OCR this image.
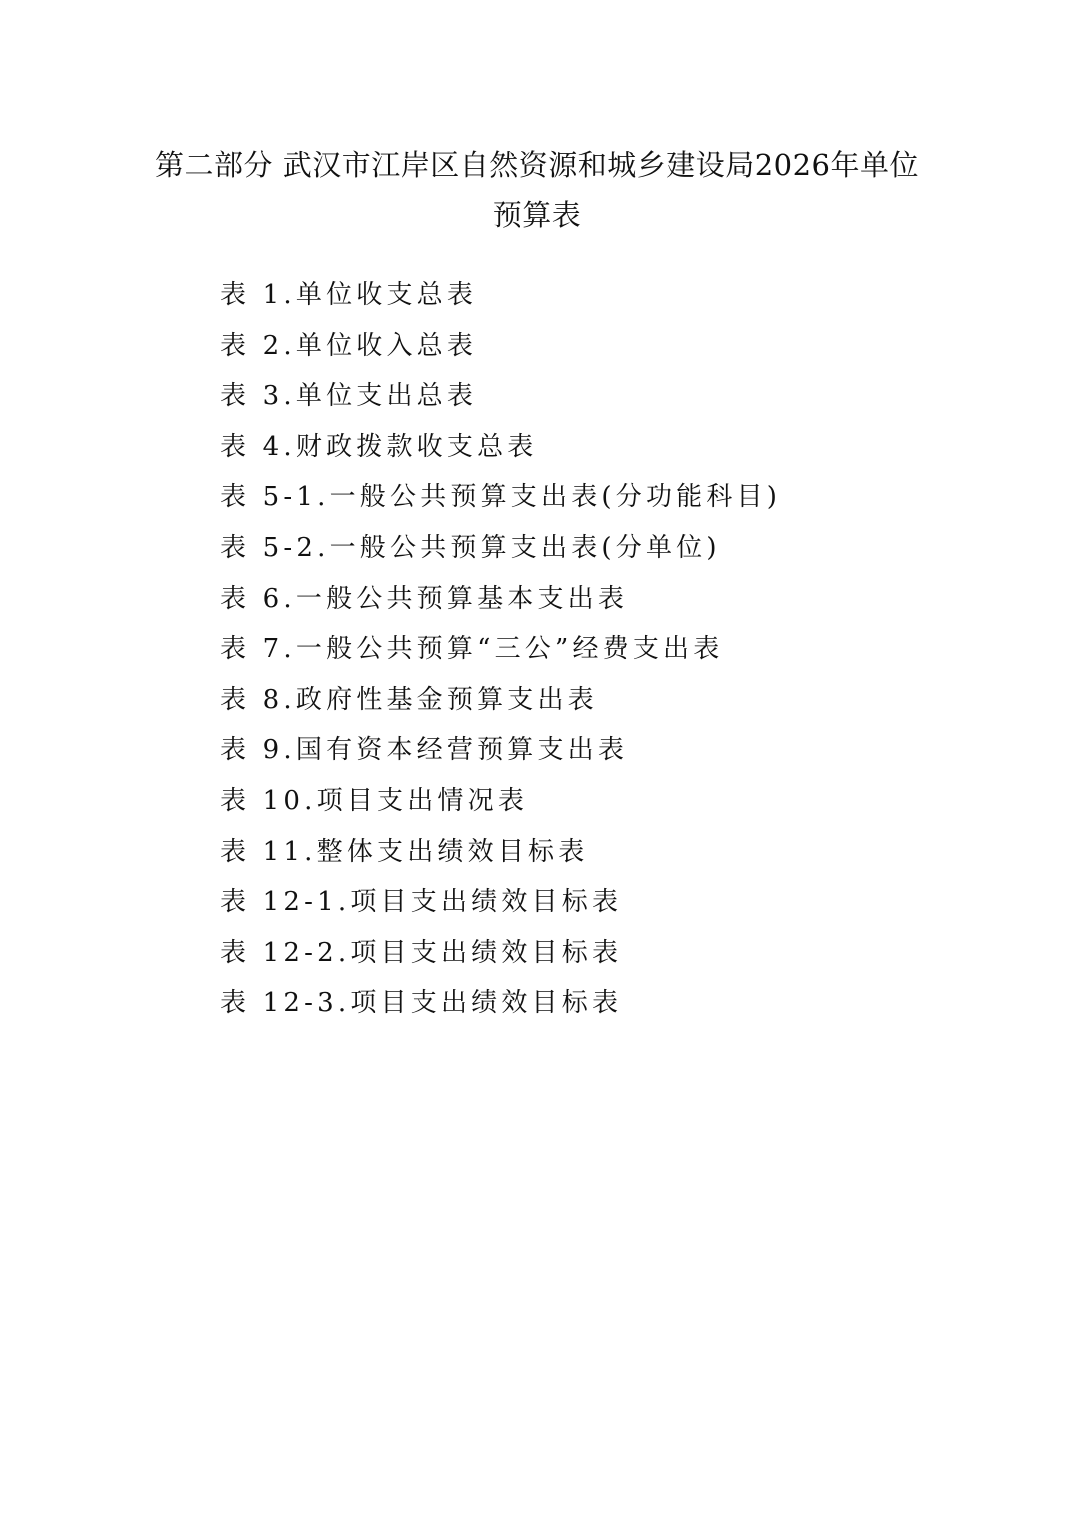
第二部分 武汉市江岸区自然资源和城乡建设局2026年单位
预算表
表 1.单位收支总表
表 2.单位收入总表
表 3.单位支出总表
表 4.财政拨款收支总表
表 5-1.一般公共预算支出表(分功能科目)
表 5-2.一般公共预算支出表(分单位)
表 6.一般公共预算基本支出表
表 7.一般公共预算“三公”经费支出表
表 8.政府性基金预算支出表
表 9.国有资本经营预算支出表
表 10.项目支出情况表
表 11.整体支出绩效目标表
表 12-1.项目支出绩效目标表
表 12-2.项目支出绩效目标表
表 12-3.项目支出绩效目标表
